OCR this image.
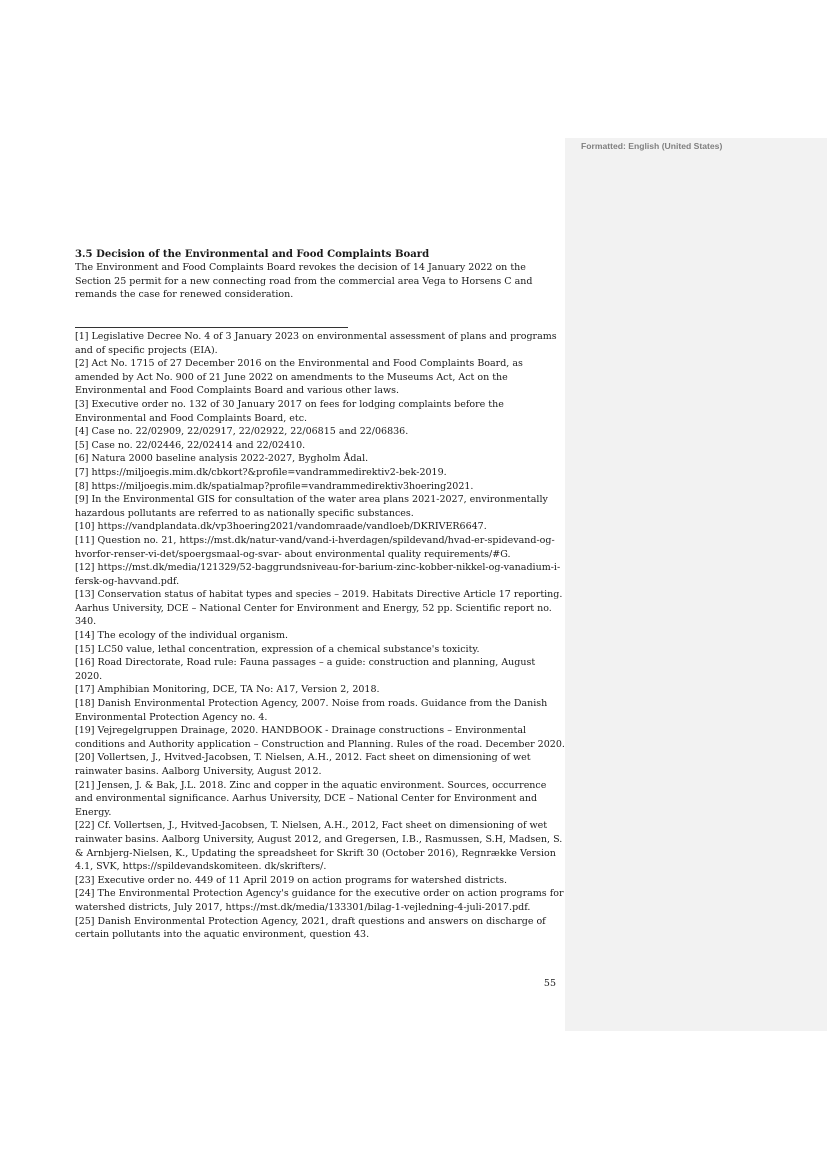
Formatted: English (United States)

3.5 Decision of the Environmental and Food Complaints Board

The Environment and Food Complaints Board revokes the decision of 14 January 2022 on the Section 25 permit for a new connecting road from the commercial area Vega to Horsens C and remands the case for renewed consideration.

[1] Legislative Decree No. 4 of 3 January 2023 on environmental assessment of plans and programs and of specific projects (EIA).
[2] Act No. 1715 of 27 December 2016 on the Environmental and Food Complaints Board, as amended by Act No. 900 of 21 June 2022 on amendments to the Museums Act, Act on the Environmental and Food Complaints Board and various other laws.
[3] Executive order no. 132 of 30 January 2017 on fees for lodging complaints before the Environmental and Food Complaints Board, etc.
[4] Case no. 22/02909, 22/02917, 22/02922, 22/06815 and 22/06836.
[5] Case no. 22/02446, 22/02414 and 22/02410.
[6] Natura 2000 baseline analysis 2022-2027, Bygholm Ådal.
[7] https://miljoegis.mim.dk/cbkort?&profile=vandrammedirektiv2-bek-2019.
[8] https://miljoegis.mim.dk/spatialmap?profile=vandrammedirektiv3hoering2021.
[9] In the Environmental GIS for consultation of the water area plans 2021-2027, environmentally hazardous pollutants are referred to as nationally specific substances.
[10] https://vandplandata.dk/vp3hoering2021/vandomraade/vandloeb/DKRIVER6647.
[11] Question no. 21, https://mst.dk/natur-vand/vand-i-hverdagen/spildevand/hvad-er-spidevand-og-hvorfor-renser-vi-det/spoergsmaal-og-svar- about environmental quality requirements/#G.
[12] https://mst.dk/media/121329/52-baggrundsniveau-for-barium-zinc-kobber-nikkel-og-vanadium-i-fersk-og-havvand.pdf.
[13] Conservation status of habitat types and species – 2019. Habitats Directive Article 17 reporting. Aarhus University, DCE – National Center for Environment and Energy, 52 pp. Scientific report no. 340.
[14] The ecology of the individual organism.
[15] LC50 value, lethal concentration, expression of a chemical substance's toxicity.
[16] Road Directorate, Road rule: Fauna passages – a guide: construction and planning, August 2020.
[17] Amphibian Monitoring, DCE, TA No: A17, Version 2, 2018.
[18] Danish Environmental Protection Agency, 2007. Noise from roads. Guidance from the Danish Environmental Protection Agency no. 4.
[19] Vejregelgruppen Drainage, 2020. HANDBOOK - Drainage constructions – Environmental conditions and Authority application – Construction and Planning. Rules of the road. December 2020.
[20] Vollertsen, J., Hvitved-Jacobsen, T. Nielsen, A.H., 2012. Fact sheet on dimensioning of wet rainwater basins. Aalborg University, August 2012.
[21] Jensen, J. & Bak, J.L. 2018. Zinc and copper in the aquatic environment. Sources, occurrence and environmental significance. Aarhus University, DCE – National Center for Environment and Energy.
[22] Cf. Vollertsen, J., Hvitved-Jacobsen, T. Nielsen, A.H., 2012, Fact sheet on dimensioning of wet rainwater basins. Aalborg University, August 2012, and Gregersen, I.B., Rasmussen, S.H, Madsen, S. & Arnbjerg-Nielsen, K., Updating the spreadsheet for Skrift 30 (October 2016), Regnrække Version 4.1, SVK, https://spildevandskomiteen. dk/skrifters/.
[23] Executive order no. 449 of 11 April 2019 on action programs for watershed districts.
[24] The Environmental Protection Agency's guidance for the executive order on action programs for watershed districts, July 2017, https://mst.dk/media/133301/bilag-1-vejledning-4-juli-2017.pdf.
[25] Danish Environmental Protection Agency, 2021, draft questions and answers on discharge of certain pollutants into the aquatic environment, question 43.
55
